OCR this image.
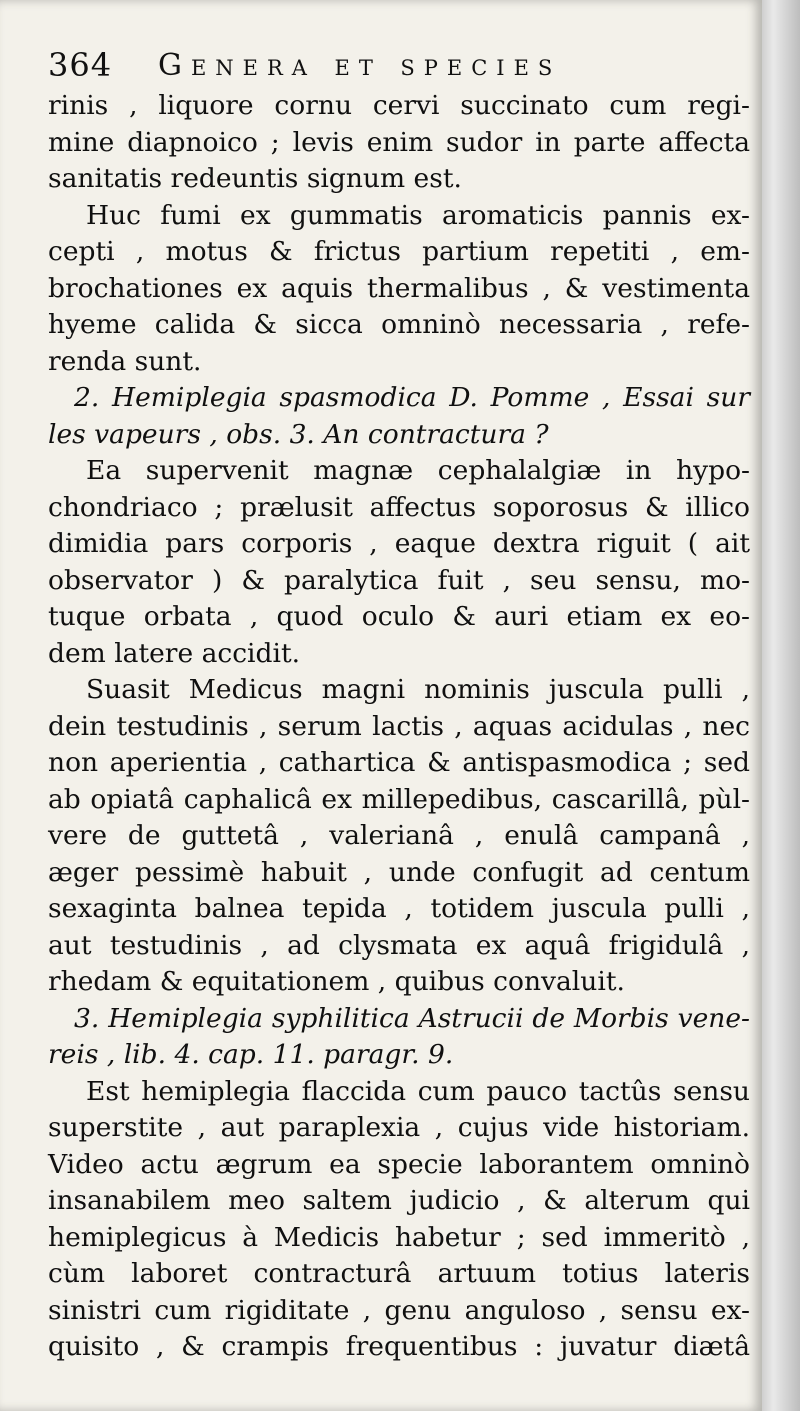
364 Genera et species
rinis , liquore cornu cervi succinato cum regi-
mine diapnoico ; levis enim sudor in parte affecta
sanitatis redeuntis signum est.
Huc fumi ex gummatis aromaticis pannis ex-
cepti , motus & frictus partium repetiti , em-
brochationes ex aquis thermalibus , & vestimenta
hyeme calida & sicca omninò necessaria , refe-
renda sunt.
2. Hemiplegia spasmodica D. Pomme , Essai sur
les vapeurs , obs. 3. An contractura ?
Ea supervenit magnæ cephalalgiæ in hypo-
chondriaco ; prælusit affectus soporosus & illico
dimidia pars corporis , eaque dextra riguit ( ait
observator ) & paralytica fuit , seu sensu, mo-
tuque orbata , quod oculo & auri etiam ex eo-
dem latere accidit.
Suasit Medicus magni nominis juscula pulli ,
dein testudinis , serum lactis , aquas acidulas , nec
non aperientia , cathartica & antispasmodica ; sed
ab opiatâ caphalicâ ex millepedibus, cascarillâ, pùl-
vere de guttetâ , valerianâ , enulâ campanâ ,
æger pessimè habuit , unde confugit ad centum
sexaginta balnea tepida , totidem juscula pulli ,
aut testudinis , ad clysmata ex aquâ frigidulâ ,
rhedam & equitationem , quibus convaluit.
3. Hemiplegia syphilitica Astrucii de Morbis vene-
reis , lib. 4. cap. 11. paragr. 9.
Est hemiplegia flaccida cum pauco tactûs sensu
superstite , aut paraplexia , cujus vide historiam.
Video actu ægrum ea specie laborantem omninò
insanabilem meo saltem judicio , & alterum qui
hemiplegicus à Medicis habetur ; sed immeritò ,
cùm laboret contracturâ artuum totius lateris
sinistri cum rigiditate , genu anguloso , sensu ex-
quisito , & crampis frequentibus : juvatur diætâ
